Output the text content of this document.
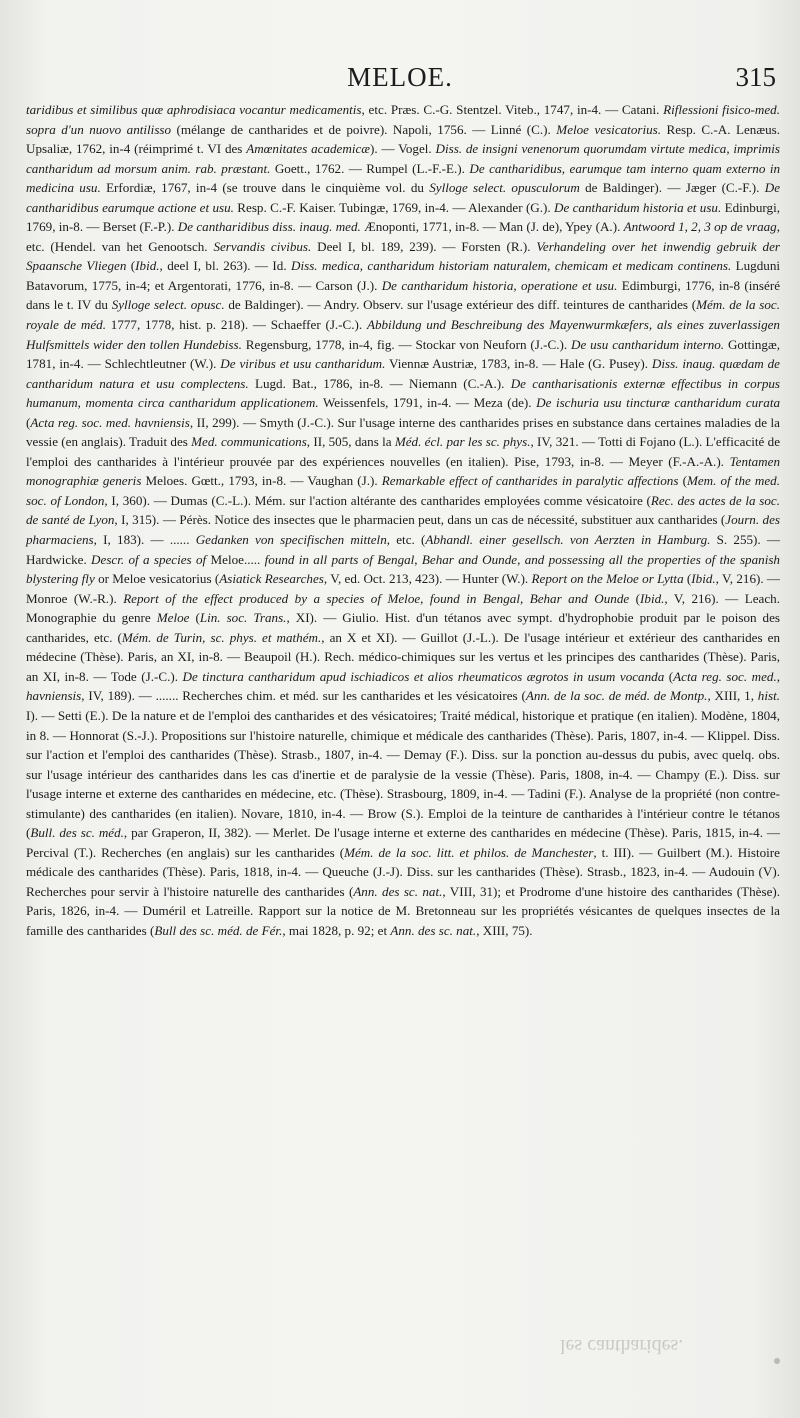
MELOE.	315

taridibus et similibus quæ aphrodisiaca vocantur medicamentis, etc. Præs. C.-G. Stentzel. Viteb., 1747, in-4. — Catani. Riflessioni fisico-med. sopra d'un nuovo antilisso (mélange de cantharides et de poivre). Napoli, 1756. — Linné (C.). Meloe vesicatorius. Resp. C.-A. Lenæus. Upsaliæ, 1762, in-4 (réimprimé t. VI des Amœnitates academicæ). — Vogel. Diss. de insigni venenorum quorumdam virtute medica, imprimis cantharidum ad morsum anim. rab. præstant. Goett., 1762. — Rumpel (L.-F.-E.). De cantharidibus, earumque tam interno quam externo in medicina usu. Erfordiæ, 1767, in-4 (se trouve dans le cinquième vol. du Sylloge select. opusculorum de Baldinger). — Jæger (C.-F.). De cantharidibus earumque actione et usu. Resp. C.-F. Kaiser. Tubingæ, 1769, in-4. — Alexander (G.). De cantharidum historia et usu. Edinburgi, 1769, in-8. — Berset (F.-P.). De cantharidibus diss. inaug. med. Ænoponti, 1771, in-8. — Man (J. de), Ypey (A.). Antwoord 1, 2, 3 op de vraag, etc. (Hendel. van het Genootsch. Servandis civibus. Deel I, bl. 189, 239). — Forsten (R.). Verhandeling over het inwendig gebruik der Spaansche Vliegen (Ibid., deel I, bl. 263). — Id. Diss. medica, cantharidum historiam naturalem, chemicam et medicam continens. Lugduni Batavorum, 1775, in-4; et Argentorati, 1776, in-8. — Carson (J.). De cantharidum historia, operatione et usu. Edimburgi, 1776, in-8 (inséré dans le t. IV du Sylloge select. opusc. de Baldinger). — Andry. Observ. sur l'usage extérieur des diff. teintures de cantharides (Mém. de la soc. royale de méd. 1777, 1778, hist. p. 218). — Schaeffer (J.-C.). Abbildung und Beschreibung des Mayenwurmkæfers, als eines zuverlassigen Hulfsmittels wider den tollen Hundebiss. Regensburg, 1778, in-4, fig. — Stockar von Neuforn (J.-C.). De usu cantharidum interno. Gottingæ, 1781, in-4. — Schlechtleutner (W.). De viribus et usu cantharidum. Viennæ Austriæ, 1783, in-8. — Hale (G. Pusey). Diss. inaug. quædam de cantharidum natura et usu complectens. Lugd. Bat., 1786, in-8. — Niemann (C.-A.). De cantharisationis externæ effectibus in corpus humanum, momenta circa cantharidum applicationem. Weissenfels, 1791, in-4. — Meza (de). De ischuria usu tincturæ cantharidum curata (Acta reg. soc. med. havniensis, II, 299). — Smyth (J.-C.). Sur l'usage interne des cantharides prises en substance dans certaines maladies de la vessie (en anglais). Traduit des Med. communications, II, 505, dans la Méd. écl. par les sc. phys., IV, 321. — Totti di Fojano (L.). L'efficacité de l'emploi des cantharides à l'intérieur prouvée par des expériences nouvelles (en italien). Pise, 1793, in-8. — Meyer (F.-A.-A.). Tentamen monographiæ generis Meloes. Gœtt., 1793, in-8. — Vaughan (J.). Remarkable effect of cantharides in paralytic affections (Mem. of the med. soc. of London, I, 360). — Dumas (C.-L.). Mém. sur l'action altérante des cantharides employées comme vésicatoire (Rec. des actes de la soc. de santé de Lyon, I, 315). — Pérès. Notice des insectes que le pharmacien peut, dans un cas de nécessité, substituer aux cantharides (Journ. des pharmaciens, I, 183). — ...... Gedanken von specifischen mitteln, etc. (Abhandl. einer gesellsch. von Aerzten in Hamburg. S. 255). — Hardwicke. Descr. of a species of Meloe..... found in all parts of Bengal, Behar and Ounde, and possessing all the properties of the spanish blystering fly or Meloe vesicatorius (Asiatick Researches, V, ed. Oct. 213, 423). — Hunter (W.). Report on the Meloe or Lytta (Ibid., V, 216). — Monroe (W.-R.). Report of the effect produced by a species of Meloe, found in Bengal, Behar and Ounde (Ibid., V, 216). — Leach. Monographie du genre Meloe (Lin. soc. Trans., XI). — Giulio. Hist. d'un tétanos avec sympt. d'hydrophobie produit par le poison des cantharides, etc. (Mém. de Turin, sc. phys. et mathém., an X et XI). — Guillot (J.-L.). De l'usage intérieur et extérieur des cantharides en médecine (Thèse). Paris, an XI, in-8. — Beaupoil (H.). Rech. médico-chimiques sur les vertus et les principes des cantharides (Thèse). Paris, an XI, in-8. — Tode (J.-C.). De tinctura cantharidum apud ischiadicos et alios rheumaticos ægrotos in usum vocanda (Acta reg. soc. med., havniensis, IV, 189). — ....... Recherches chim. et méd. sur les cantharides et les vésicatoires (Ann. de la soc. de méd. de Montp., XIII, 1, hist. I). — Setti (E.). De la nature et de l'emploi des cantharides et des vésicatoires; Traité médical, historique et pratique (en italien). Modène, 1804, in 8. — Honnorat (S.-J.). Propositions sur l'histoire naturelle, chimique et médicale des cantharides (Thèse). Paris, 1807, in-4. — Klippel. Diss. sur l'action et l'emploi des cantharides (Thèse). Strasb., 1807, in-4. — Demay (F.). Diss. sur la ponction au-dessus du pubis, avec quelq. obs. sur l'usage intérieur des cantharides dans les cas d'inertie et de paralysie de la vessie (Thèse). Paris, 1808, in-4. — Champy (E.). Diss. sur l'usage interne et externe des cantharides en médecine, etc. (Thèse). Strasbourg, 1809, in-4. — Tadini (F.). Analyse de la propriété (non contre-stimulante) des cantharides (en italien). Novare, 1810, in-4. — Brow (S.). Emploi de la teinture de cantharides à l'intérieur contre le tétanos (Bull. des sc. méd., par Graperon, II, 382). — Merlet. De l'usage interne et externe des cantharides en médecine (Thèse). Paris, 1815, in-4. — Percival (T.). Recherches (en anglais) sur les cantharides (Mém. de la soc. litt. et philos. de Manchester, t. III). — Guilbert (M.). Histoire médicale des cantharides (Thèse). Paris, 1818, in-4. — Queuche (J.-J). Diss. sur les cantharides (Thèse). Strasb., 1823, in-4. — Audouin (V). Recherches pour servir à l'histoire naturelle des cantharides (Ann. des sc. nat., VIII, 31); et Prodrome d'une histoire des cantharides (Thèse). Paris, 1826, in-4. — Duméril et Latreille. Rapport sur la notice de M. Bretonneau sur les propriétés vésicantes de quelques insectes de la famille des cantharides (Bull des sc. méd. de Fér., mai 1828, p. 92; et Ann. des sc. nat., XIII, 75).

les cantharides.
